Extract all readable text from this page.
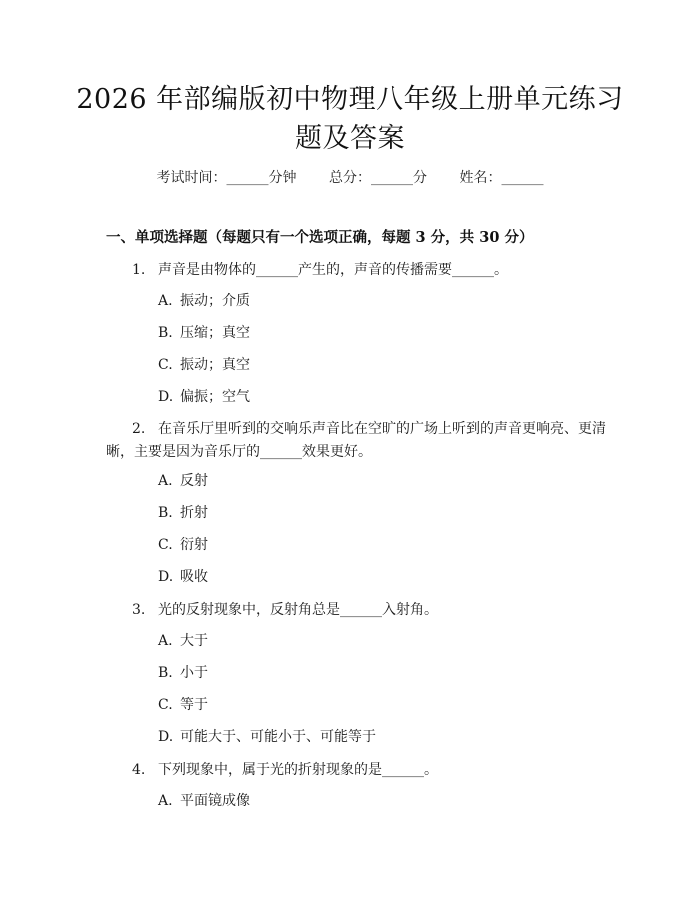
2026 年部编版初中物理八年级上册单元练习
题及答案
考试时间：______分钟 总分：______分 姓名：______
一、单项选择题（每题只有一个选项正确，每题 3 分，共 30 分）
1. 声音是由物体的______产生的，声音的传播需要______。
A. 振动；介质
B. 压缩；真空
C. 振动；真空
D. 偏振；空气
2. 在音乐厅里听到的交响乐声音比在空旷的广场上听到的声音更响亮、更清晰，主要是因为音乐厅的______效果更好。
A. 反射
B. 折射
C. 衍射
D. 吸收
3. 光的反射现象中，反射角总是______入射角。
A. 大于
B. 小于
C. 等于
D. 可能大于、可能小于、可能等于
4. 下列现象中，属于光的折射现象的是______。
A. 平面镜成像
